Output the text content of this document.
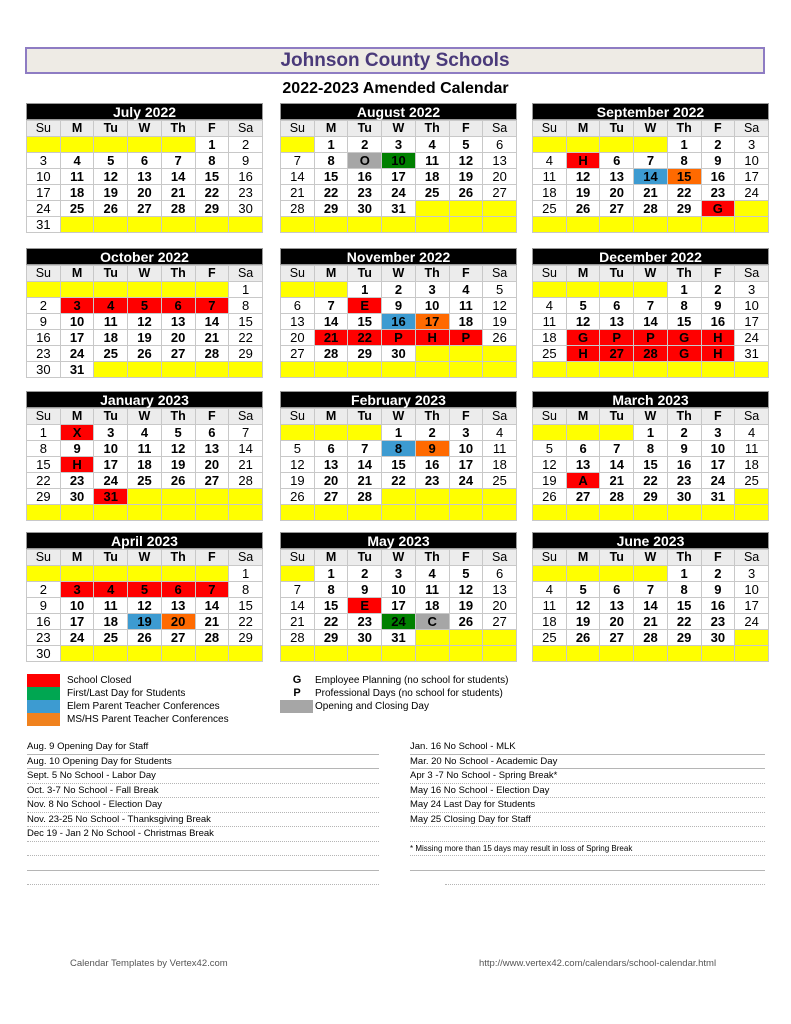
Johnson County Schools
2022-2023 Amended Calendar
July 2022
Su	M	Tu	W	Th	F	Sa
					1	2
3	4	5	6	7	8	9
10	11	12	13	14	15	16
17	18	19	20	21	22	23
24	25	26	27	28	29	30
31						
August 2022
Su	M	Tu	W	Th	F	Sa
	1	2	3	4	5	6
7	8	O	10	11	12	13
14	15	16	17	18	19	20
21	22	23	24	25	26	27
28	29	30	31			

September 2022
Su	M	Tu	W	Th	F	Sa
				1	2	3
4	H	6	7	8	9	10
11	12	13	14	15	16	17
18	19	20	21	22	23	24
25	26	27	28	29	G	

October 2022
Su	M	Tu	W	Th	F	Sa
						1
2	3	4	5	6	7	8
9	10	11	12	13	14	15
16	17	18	19	20	21	22
23	24	25	26	27	28	29
30	31					
November 2022
Su	M	Tu	W	Th	F	Sa
		1	2	3	4	5
6	7	E	9	10	11	12
13	14	15	16	17	18	19
20	21	22	P	H	P	26
27	28	29	30			

December 2022
Su	M	Tu	W	Th	F	Sa
				1	2	3
4	5	6	7	8	9	10
11	12	13	14	15	16	17
18	G	P	P	G	H	24
25	H	27	28	G	H	31

January 2023
Su	M	Tu	W	Th	F	Sa
1	X	3	4	5	6	7
8	9	10	11	12	13	14
15	H	17	18	19	20	21
22	23	24	25	26	27	28
29	30	31				

February 2023
Su	M	Tu	W	Th	F	Sa
			1	2	3	4
5	6	7	8	9	10	11
12	13	14	15	16	17	18
19	20	21	22	23	24	25
26	27	28				

March 2023
Su	M	Tu	W	Th	F	Sa
			1	2	3	4
5	6	7	8	9	10	11
12	13	14	15	16	17	18
19	A	21	22	23	24	25
26	27	28	29	30	31	

April 2023
Su	M	Tu	W	Th	F	Sa
						1
2	3	4	5	6	7	8
9	10	11	12	13	14	15
16	17	18	19	20	21	22
23	24	25	26	27	28	29
30						
May 2023
Su	M	Tu	W	Th	F	Sa
	1	2	3	4	5	6
7	8	9	10	11	12	13
14	15	E	17	18	19	20
21	22	23	24	C	26	27
28	29	30	31			

June 2023
Su	M	Tu	W	Th	F	Sa
				1	2	3
4	5	6	7	8	9	10
11	12	13	14	15	16	17
18	19	20	21	22	23	24
25	26	27	28	29	30	

School Closed
First/Last Day for Students
Elem Parent Teacher Conferences
MS/HS Parent Teacher Conferences
G Employee Planning (no school for students)
P	Professional Days (no school for students)
Opening and Closing Day
Aug. 9 Opening Day for Staff
Aug. 10 Opening Day for Students
Sept. 5 No School - Labor Day
Oct. 3-7 No School - Fall Break
Nov. 8 No School - Election Day
Nov. 23-25 No School - Thanksgiving Break
Dec 19 - Jan 2 No School - Christmas Break
Jan. 16 No School - MLK
Mar. 20 No School - Academic Day
Apr 3 -7 No School - Spring Break*
May 16 No School - Election Day
May 24 Last Day for Students
May 25 Closing Day for Staff
* Missing more than 15 days may result in loss of Spring Break
Calendar Templates by Vertex42.com	http://www.vertex42.com/calendars/school-calendar.html
